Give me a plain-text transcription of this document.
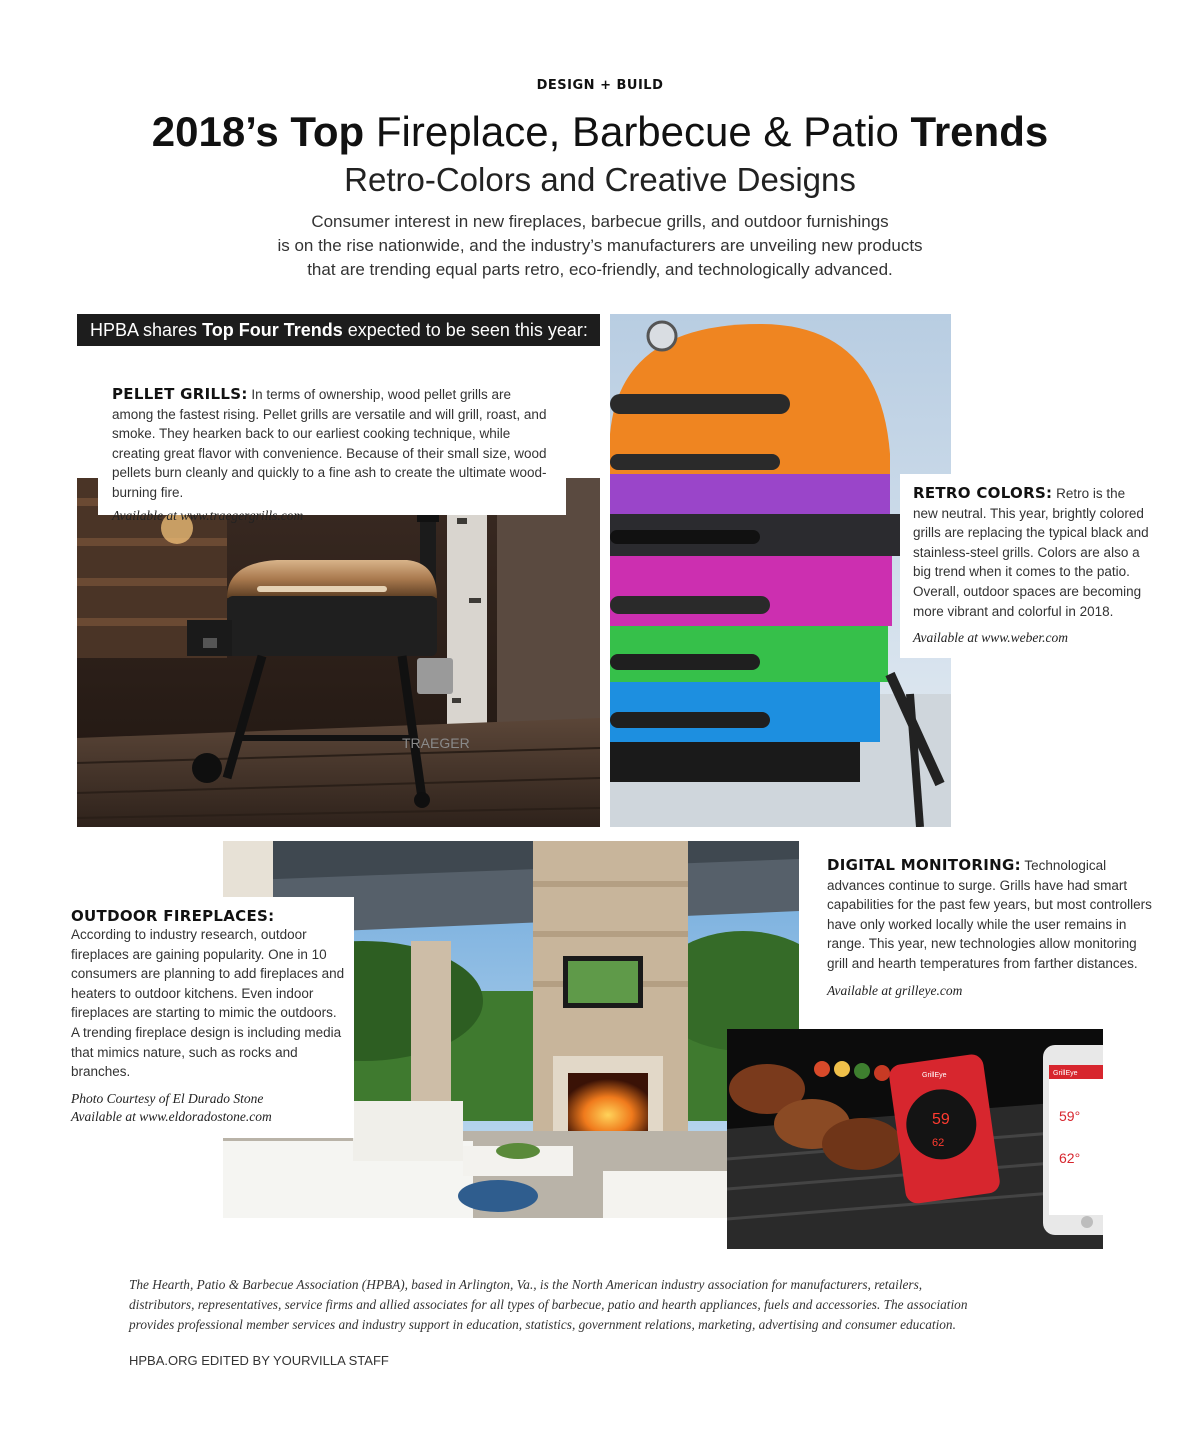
DESIGN + BUILD
2018’s Top Fireplace, Barbecue & Patio Trends
Retro-Colors and Creative Designs
Consumer interest in new fireplaces, barbecue grills, and outdoor furnishings
is on the rise nationwide, and the industry’s manufacturers are unveiling new products
that are trending equal parts retro, eco-friendly, and technologically advanced.
HPBA shares Top Four Trends expected to be seen this year:
TRAEGER
PELLET GRILLS: In terms of ownership, wood pellet grills are among the fastest rising. Pellet grills are versatile and will grill, roast, and smoke. They hearken back to our earliest cooking technique, while creating great flavor with convenience. Because of their small size, wood pellets burn cleanly and quickly to a fine ash to create the ultimate wood-burning fire.
Available at www.traegergrills.com
RETRO COLORS: Retro is the new neutral. This year, brightly colored grills are replacing the typical black and stainless-steel grills. Colors are also a big trend when it comes to the patio. Overall, outdoor spaces are becoming more vibrant and colorful in 2018.
Available at www.weber.com
OUTDOOR FIREPLACES:
According to industry research, outdoor fireplaces are gaining popularity. One in 10 consumers are planning to add fireplaces and heaters to outdoor kitchens. Even indoor fireplaces are starting to mimic the outdoors. A trending fireplace design is including media that mimics nature, such as rocks and branches.
Photo Courtesy of El Durado Stone
Available at www.eldoradostone.com
DIGITAL MONITORING: Technological advances continue to surge. Grills have had smart capabilities for the past few years, but most controllers have only worked locally while the user remains in range. This year, new technologies allow monitoring grill and hearth temperatures from farther distances.
Available at grilleye.com
59
62
GrillEye	GrillEye
59°
62°
The Hearth, Patio & Barbecue Association (HPBA), based in Arlington, Va., is the North American industry association for manufacturers, retailers,
distributors, representatives, service firms and allied associates for all types of barbecue, patio and hearth appliances, fuels and accessories. The association
provides professional member services and industry support in education, statistics, government relations, marketing, advertising and consumer education.
HPBA.ORG EDITED BY YOURVILLA STAFF
